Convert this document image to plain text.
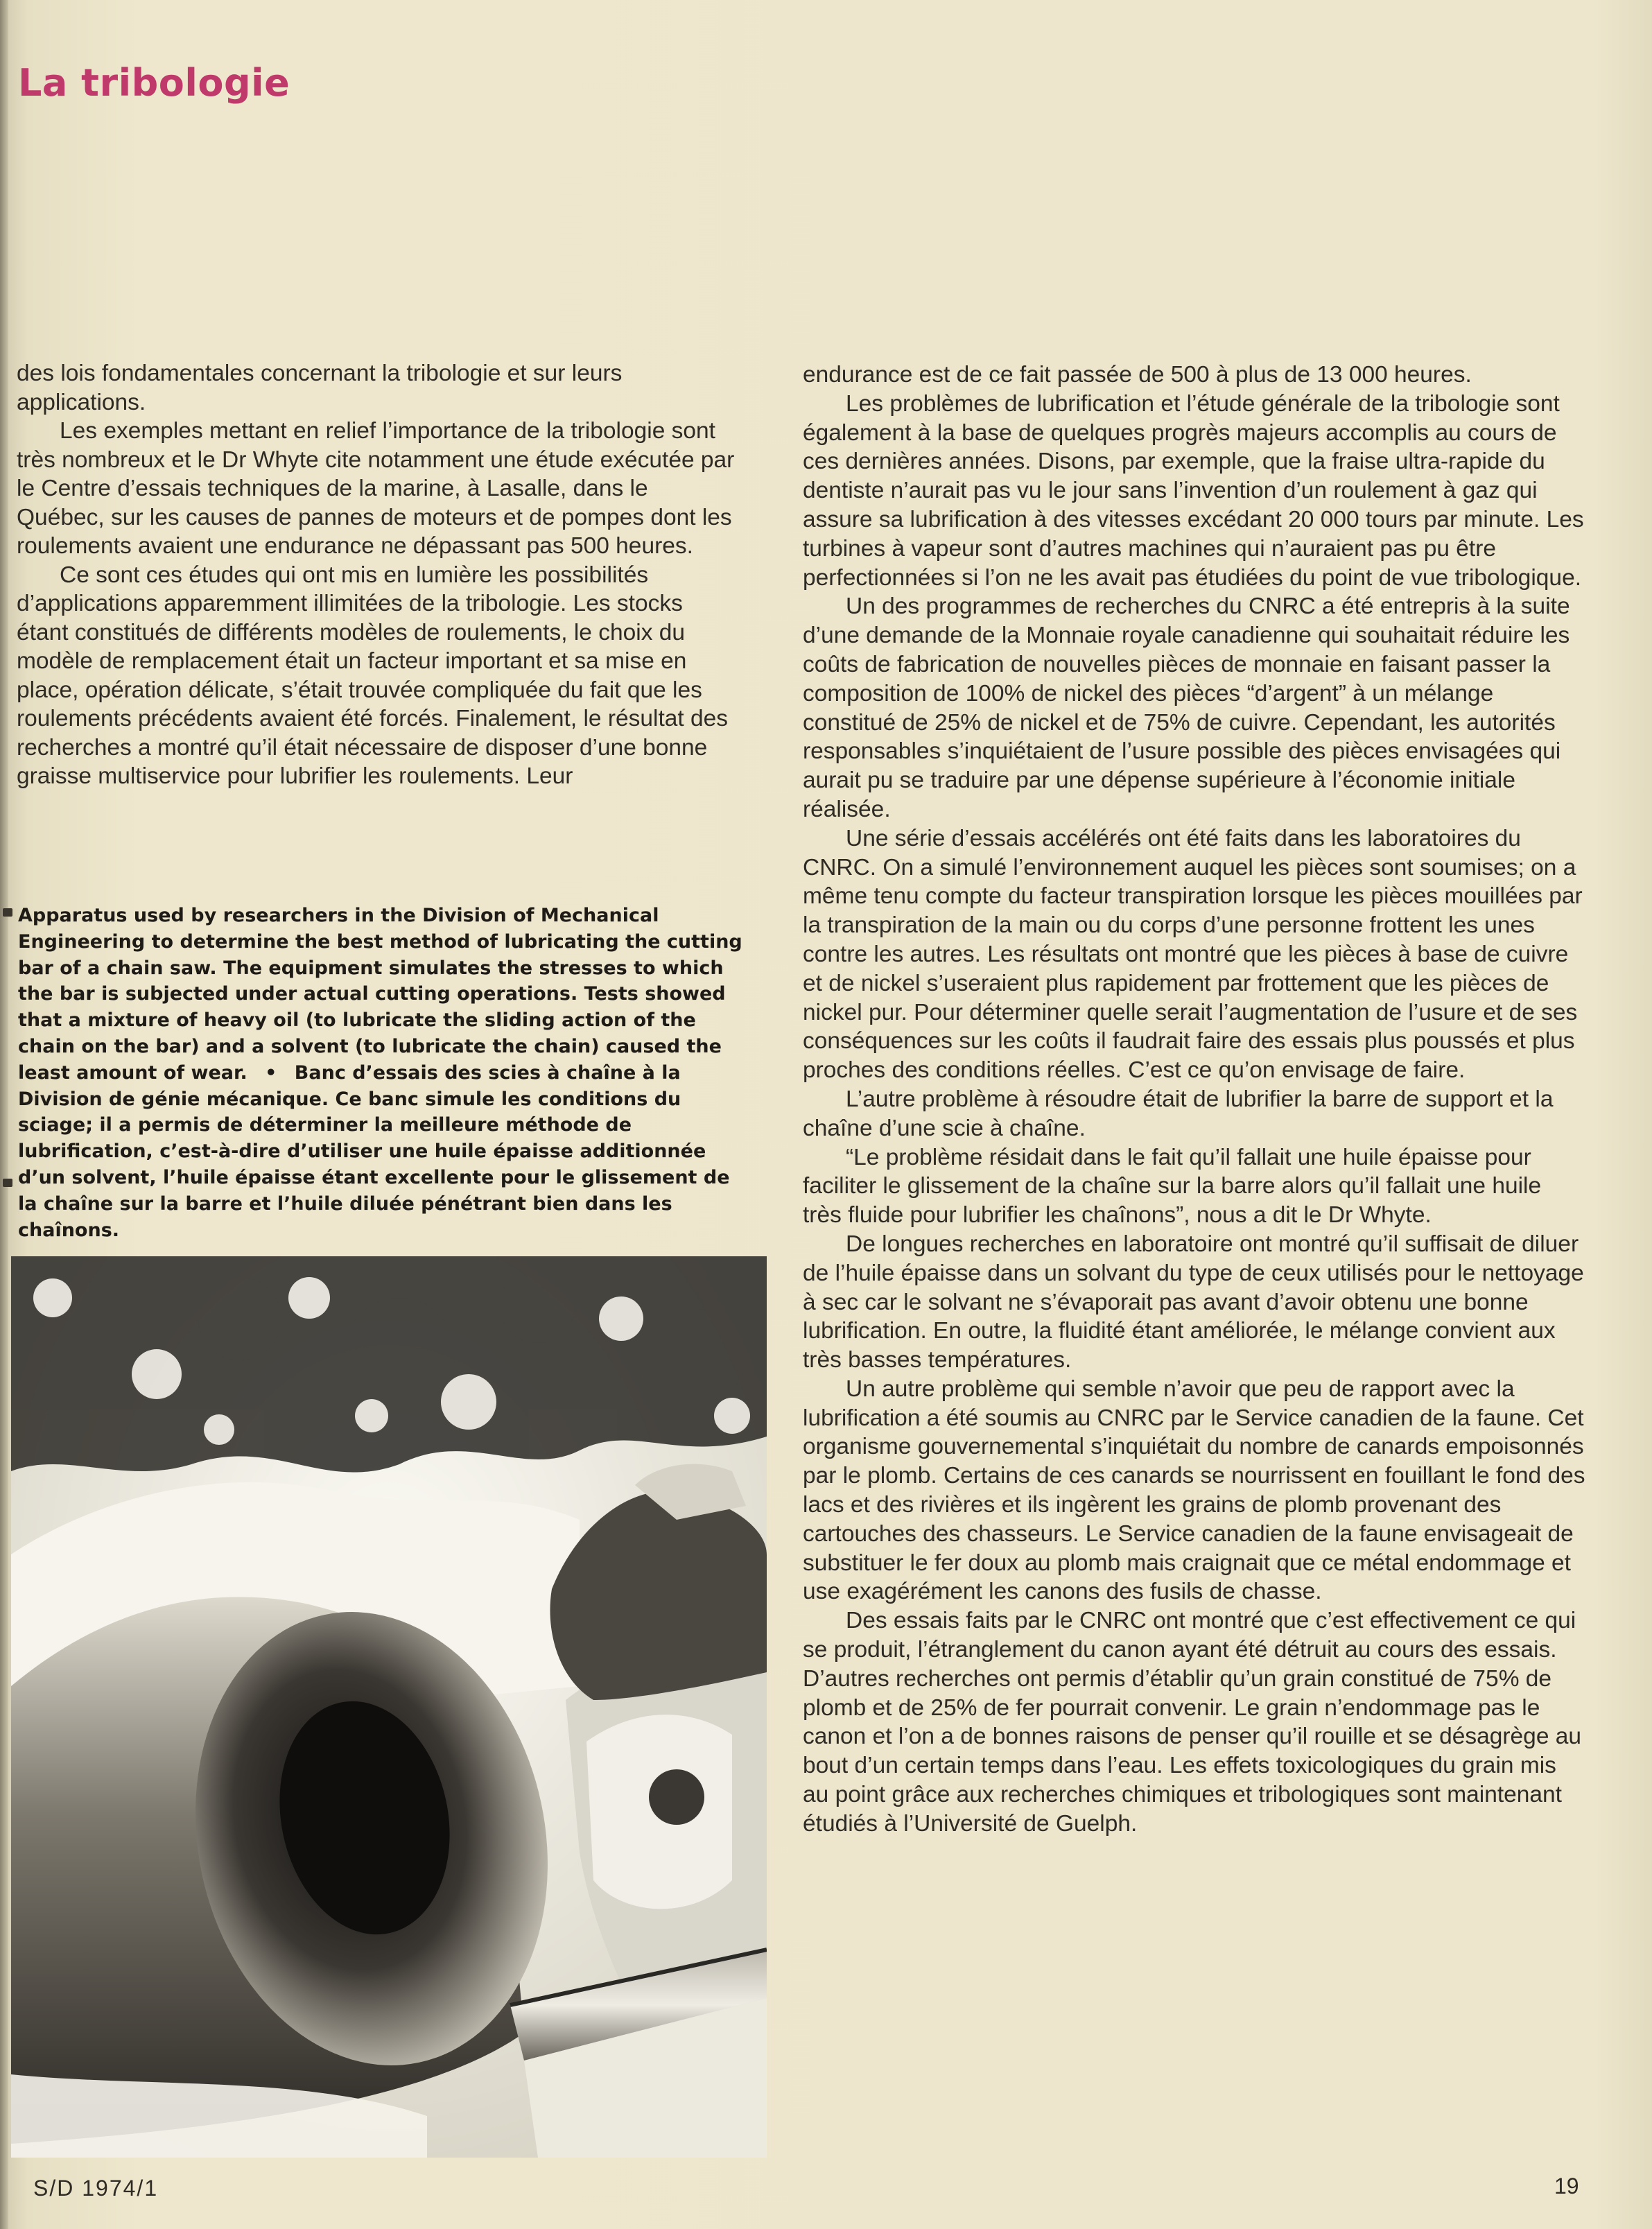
La tribologie

des lois fondamentales concernant la tribologie et sur leurs applications.

Les exemples mettant en relief l’importance de la tribologie sont très nombreux et le Dr Whyte cite notamment une étude exécutée par le Centre d’essais techniques de la marine, à Lasalle, dans le Québec, sur les causes de pannes de moteurs et de pompes dont les roulements avaient une endurance ne dépassant pas 500 heures.

Ce sont ces études qui ont mis en lumière les possibilités d’applications apparemment illimitées de la tribologie. Les stocks étant constitués de différents modèles de roulements, le choix du modèle de remplacement était un facteur important et sa mise en place, opération délicate, s’était trouvée compliquée du fait que les roulements précédents avaient été forcés. Finalement, le résultat des recherches a montré qu’il était nécessaire de disposer d’une bonne graisse multiservice pour lubrifier les roulements. Leur

Apparatus used by researchers in the Division of Mechanical Engineering to determine the best method of lubricating the cutting bar of a chain saw. The equipment simulates the stresses to which the bar is subjected under actual cutting operations. Tests showed that a mixture of heavy oil (to lubricate the sliding action of the chain on the bar) and a solvent (to lubricate the chain) caused the least amount of wear. • Banc d’essais des scies à chaîne à la Division de génie mécanique. Ce banc simule les conditions du sciage; il a permis de déterminer la meilleure méthode de lubrification, c’est-à-dire d’utiliser une huile épaisse additionnée d’un solvent, l’huile épaisse étant excellente pour le glissement de la chaîne sur la barre et l’huile diluée pénétrant bien dans les chaînons.

endurance est de ce fait passée de 500 à plus de 13 000 heures.

Les problèmes de lubrification et l’étude générale de la tribologie sont également à la base de quelques progrès majeurs accomplis au cours de ces dernières années. Disons, par exemple, que la fraise ultra-rapide du dentiste n’aurait pas vu le jour sans l’invention d’un roulement à gaz qui assure sa lubrification à des vitesses excédant 20 000 tours par minute. Les turbines à vapeur sont d’autres machines qui n’auraient pas pu être perfectionnées si l’on ne les avait pas étudiées du point de vue tribologique.

Un des programmes de recherches du CNRC a été entrepris à la suite d’une demande de la Monnaie royale canadienne qui souhaitait réduire les coûts de fabrication de nouvelles pièces de monnaie en faisant passer la composition de 100% de nickel des pièces “d’argent” à un mélange constitué de 25% de nickel et de 75% de cuivre. Cependant, les autorités responsables s’inquiétaient de l’usure possible des pièces envisagées qui aurait pu se traduire par une dépense supérieure à l’économie initiale réalisée.

Une série d’essais accélérés ont été faits dans les laboratoires du CNRC. On a simulé l’environnement auquel les pièces sont soumises; on a même tenu compte du facteur transpiration lorsque les pièces mouillées par la transpiration de la main ou du corps d’une personne frottent les unes contre les autres. Les résultats ont montré que les pièces à base de cuivre et de nickel s’useraient plus rapidement par frottement que les pièces de nickel pur. Pour déterminer quelle serait l’augmentation de l’usure et de ses conséquences sur les coûts il faudrait faire des essais plus poussés et plus proches des conditions réelles. C’est ce qu’on envisage de faire.

L’autre problème à résoudre était de lubrifier la barre de support et la chaîne d’une scie à chaîne.

“Le problème résidait dans le fait qu’il fallait une huile épaisse pour faciliter le glissement de la chaîne sur la barre alors qu’il fallait une huile très fluide pour lubrifier les chaînons”, nous a dit le Dr Whyte.

De longues recherches en laboratoire ont montré qu’il suffisait de diluer de l’huile épaisse dans un solvant du type de ceux utilisés pour le nettoyage à sec car le solvant ne s’évaporait pas avant d’avoir obtenu une bonne lubrification. En outre, la fluidité étant améliorée, le mélange convient aux très basses températures.

Un autre problème qui semble n’avoir que peu de rapport avec la lubrification a été soumis au CNRC par le Service canadien de la faune. Cet organisme gouvernemental s’inquiétait du nombre de canards empoisonnés par le plomb. Certains de ces canards se nourrissent en fouillant le fond des lacs et des rivières et ils ingèrent les grains de plomb provenant des cartouches des chasseurs. Le Service canadien de la faune envisageait de substituer le fer doux au plomb mais craignait que ce métal endommage et use exagérément les canons des fusils de chasse.

Des essais faits par le CNRC ont montré que c’est effectivement ce qui se produit, l’étranglement du canon ayant été détruit au cours des essais. D’autres recherches ont permis d’établir qu’un grain constitué de 75% de plomb et de 25% de fer pourrait convenir. Le grain n’endommage pas le canon et l’on a de bonnes raisons de penser qu’il rouille et se désagrège au bout d’un certain temps dans l’eau. Les effets toxicologiques du grain mis au point grâce aux recherches chimiques et tribologiques sont maintenant étudiés à l’Université de Guelph.

S/D 1974/1	19
